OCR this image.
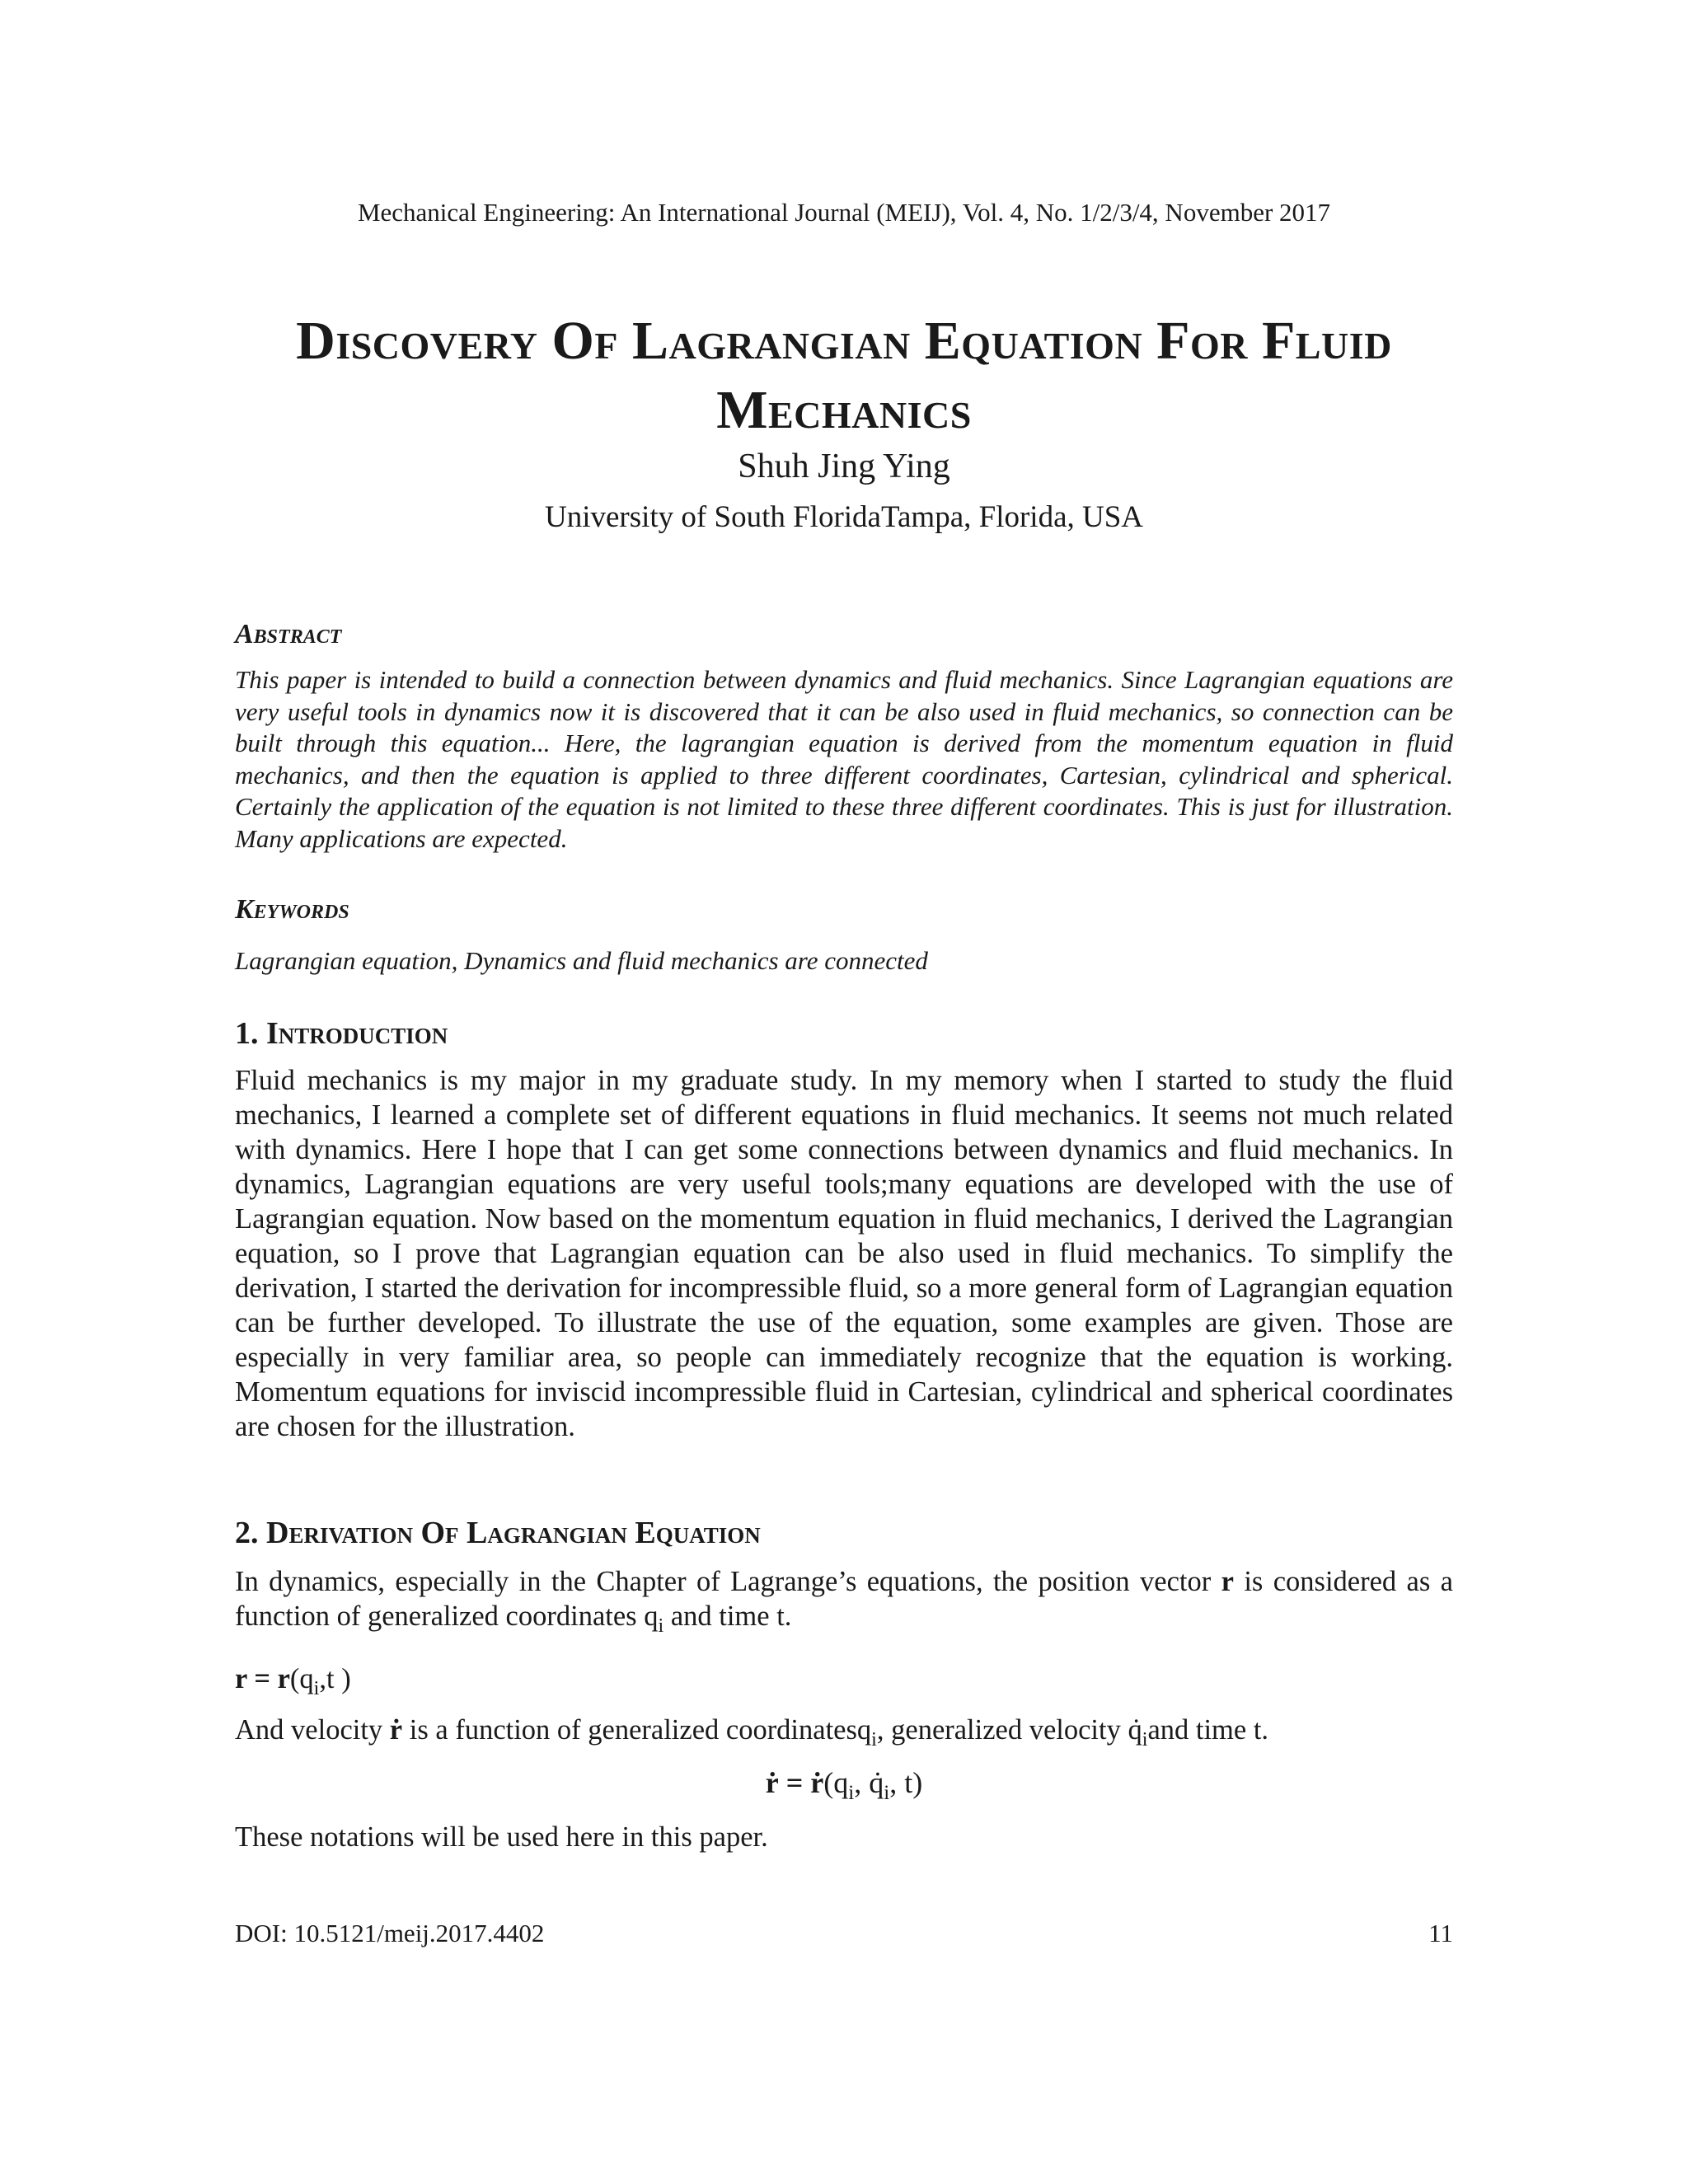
Mechanical Engineering: An International Journal (MEIJ), Vol. 4, No. 1/2/3/4, November 2017
Discovery Of Lagrangian Equation For Fluid Mechanics
Shuh Jing Ying
University of South FloridaTampa, Florida, USA
Abstract
This paper is intended to build a connection between dynamics and fluid mechanics. Since Lagrangian equations are very useful tools in dynamics now it is discovered that it can be also used in fluid mechanics, so connection can be built through this equation... Here, the lagrangian equation is derived from the momentum equation in fluid mechanics, and then the equation is applied to three different coordinates, Cartesian, cylindrical and spherical. Certainly the application of the equation is not limited to these three different coordinates. This is just for illustration. Many applications are expected.
Keywords
Lagrangian equation, Dynamics and fluid mechanics are connected
1. Introduction
Fluid mechanics is my major in my graduate study. In my memory when I started to study the fluid mechanics, I learned a complete set of different equations in fluid mechanics. It seems not much related with dynamics. Here I hope that I can get some connections between dynamics and fluid mechanics. In dynamics, Lagrangian equations are very useful tools;many equations are developed with the use of Lagrangian equation. Now based on the momentum equation in fluid mechanics, I derived the Lagrangian equation, so I prove that Lagrangian equation can be also used in fluid mechanics. To simplify the derivation, I started the derivation for incompressible fluid, so a more general form of Lagrangian equation can be further developed. To illustrate the use of the equation, some examples are given. Those are especially in very familiar area, so people can immediately recognize that the equation is working. Momentum equations for inviscid incompressible fluid in Cartesian, cylindrical and spherical coordinates are chosen for the illustration.
2. Derivation Of Lagrangian Equation
In dynamics, especially in the Chapter of Lagrange’s equations, the position vector r is considered as a function of generalized coordinates $q_i$ and time t.
$r = r(q_i,t$ )
And velocity ṙ is a function of generalized coordinatesq$_i$, generalized velocity $q̇_iand$ time t.
ṙ = $ṙ(q_i$, $q̇_i$, t)
These notations will be used here in this paper.
DOI: 10.5121/meij.2017.4402	11
